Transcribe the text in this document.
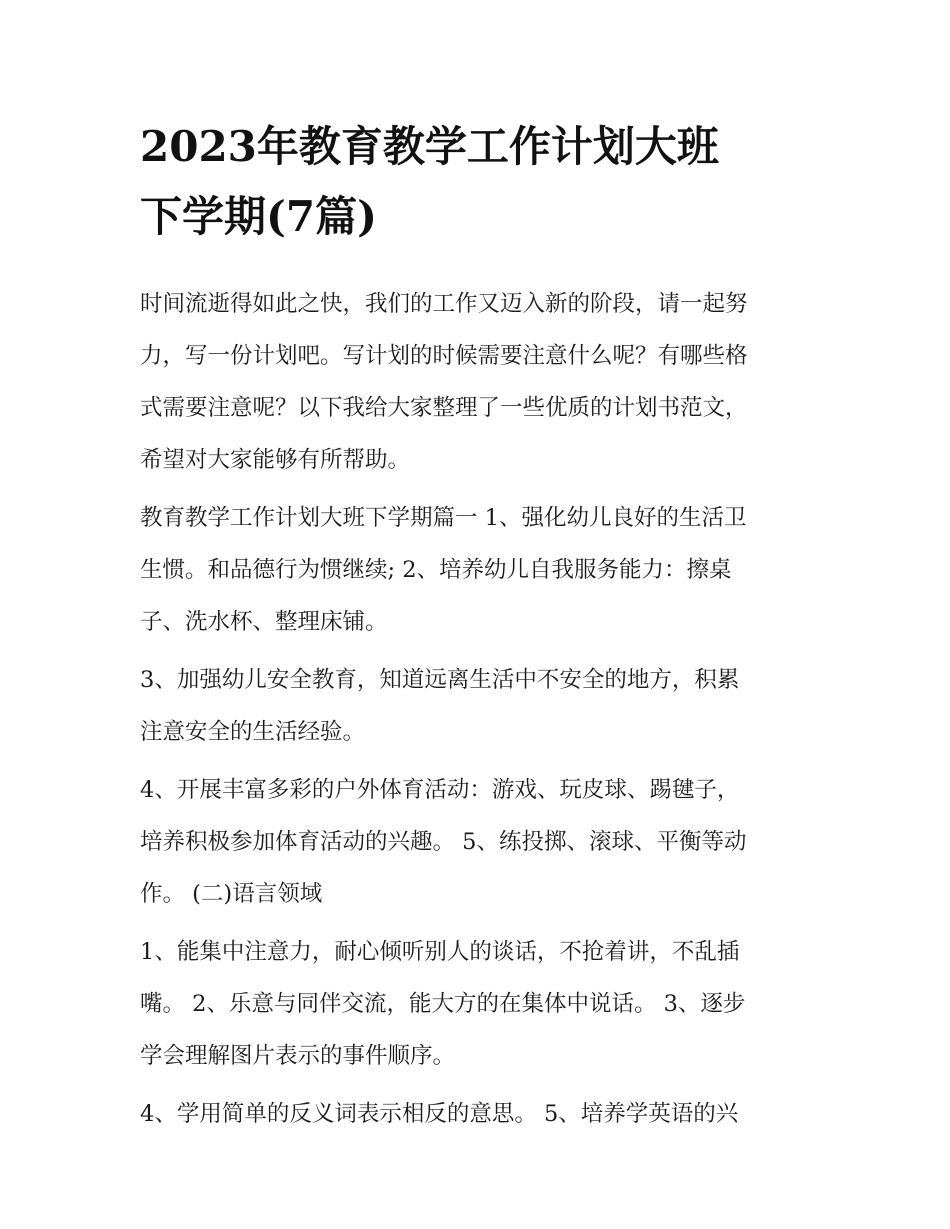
2023年教育教学工作计划大班
下学期(7篇)

时间流逝得如此之快，我们的工作又迈入新的阶段，请一起努
力，写一份计划吧。写计划的时候需要注意什么呢？有哪些格
式需要注意呢？以下我给大家整理了一些优质的计划书范文，
希望对大家能够有所帮助。

教育教学工作计划大班下学期篇一 1、强化幼儿良好的生活卫
生惯。和品德行为惯继续; 2、培养幼儿自我服务能力：擦桌
子、洗水杯、整理床铺。

3、加强幼儿安全教育，知道远离生活中不安全的地方，积累
注意安全的生活经验。

4、开展丰富多彩的户外体育活动：游戏、玩皮球、踢毽子，
培养积极参加体育活动的兴趣。 5、练投掷、滚球、平衡等动
作。 (二)语言领域

1、能集中注意力，耐心倾听别人的谈话，不抢着讲，不乱插
嘴。 2、乐意与同伴交流，能大方的在集体中说话。 3、逐步
学会理解图片表示的事件顺序。

4、学用简单的反义词表示相反的意思。 5、培养学英语的兴
